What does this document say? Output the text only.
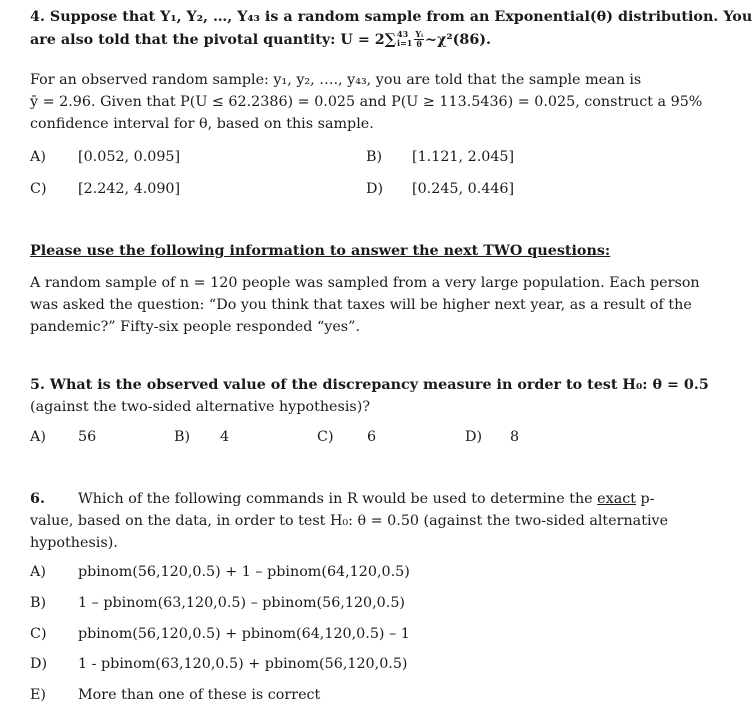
4. Suppose that Y₁, Y₂, …, Y₄₃ is a random sample from an Exponential(θ) distribution. You
are also told that the pivotal quantity: U = 2∑ 43
$i=1 \frac{\text{Yᵢ}}{\theta}$ ~χ²(86).
For an observed random sample: y₁, y₂, …., y₄₃, you are told that the sample mean is
ȳ = 2.96. Given that P(U ≤ 62.2386) = 0.025 and P(U ≥ 113.5436) = 0.025, construct a 95%
confidence interval for θ, based on this sample.
A) [0.052, 0.095]	B) [1.121, 2.045]
C) [2.242, 4.090]	D) [0.245, 0.446]
Please use the following information to answer the next TWO questions:
A random sample of n = 120 people was sampled from a very large population. Each person
was asked the question: “Do you think that taxes will be higher next year, as a result of the
pandemic?” Fifty-six people responded “yes”.
5. What is the observed value of the discrepancy measure in order to test H₀: θ = 0.5
(against the two-sided alternative hypothesis)?
A) 56	B) 4	C) 6	D) 8
6. Which of the following commands in R would be used to determine the exact p-
value, based on the data, in order to test H₀: θ = 0.50 (against the two-sided alternative
hypothesis).
A) pbinom(56,120,0.5) + 1 – pbinom(64,120,0.5)
B) 1 – pbinom(63,120,0.5) – pbinom(56,120,0.5)
C) pbinom(56,120,0.5) + pbinom(64,120,0.5) – 1
D) 1 - pbinom(63,120,0.5) + pbinom(56,120,0.5)
E) More than one of these is correct
